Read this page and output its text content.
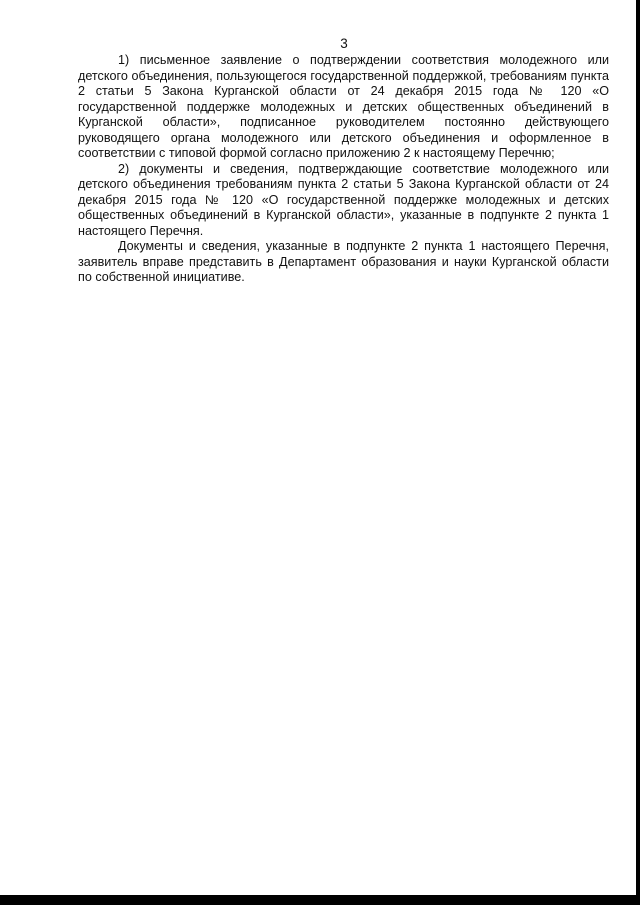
3

1) письменное заявление о подтверждении соответствия молодежного или детского объединения, пользующегося государственной поддержкой, требованиям пункта 2 статьи 5 Закона Курганской области от 24 декабря 2015 года № 120 «О государственной поддержке молодежных и детских общественных объединений в Курганской области», подписанное руководителем постоянно действующего руководящего органа молодежного или детского объединения и оформленное в соответствии с типовой формой согласно приложению 2 к настоящему Перечню;

2) документы и сведения, подтверждающие соответствие молодежного или детского объединения требованиям пункта 2 статьи 5 Закона Курганской области от 24 декабря 2015 года № 120 «О государственной поддержке молодежных и детских общественных объединений в Курганской области», указанные в подпункте 2 пункта 1 настоящего Перечня.

Документы и сведения, указанные в подпункте 2 пункта 1 настоящего Перечня, заявитель вправе представить в Департамент образования и науки Курганской области по собственной инициативе.
